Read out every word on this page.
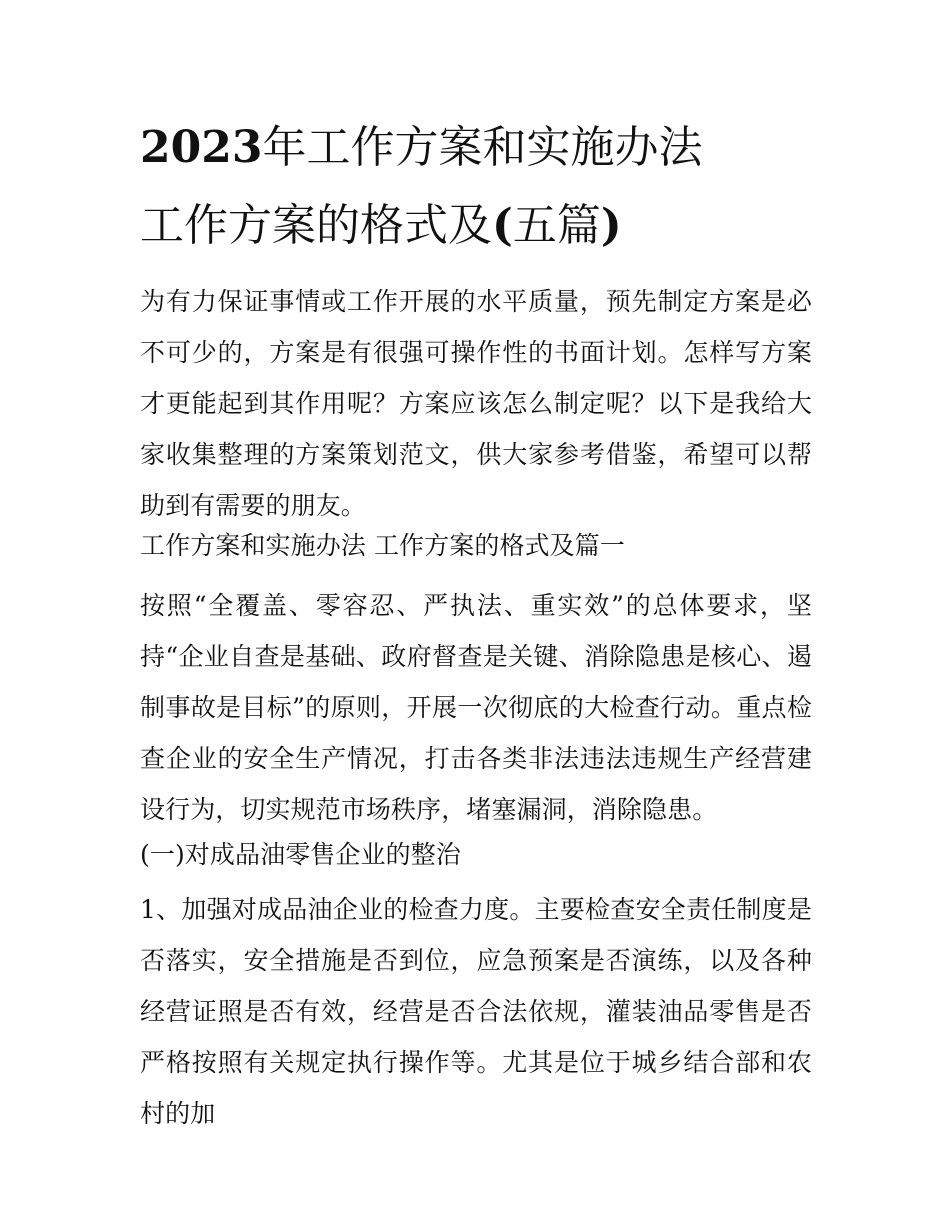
2023年工作方案和实施办法
工作方案的格式及(五篇)

为有力保证事情或工作开展的水平质量，预先制定方案是必不可少的，方案是有很强可操作性的书面计划。怎样写方案才更能起到其作用呢？方案应该怎么制定呢？以下是我给大家收集整理的方案策划范文，供大家参考借鉴，希望可以帮助到有需要的朋友。

工作方案和实施办法 工作方案的格式及篇一

按照“全覆盖、零容忍、严执法、重实效”的总体要求，坚持“企业自查是基础、政府督查是关键、消除隐患是核心、遏制事故是目标”的原则，开展一次彻底的大检查行动。重点检查企业的安全生产情况，打击各类非法违法违规生产经营建设行为，切实规范市场秩序，堵塞漏洞，消除隐患。

(一)对成品油零售企业的整治

1、加强对成品油企业的检查力度。主要检查安全责任制度是否落实，安全措施是否到位，应急预案是否演练，以及各种经营证照是否有效，经营是否合法依规，灌装油品零售是否严格按照有关规定执行操作等。尤其是位于城乡结合部和农村的加
